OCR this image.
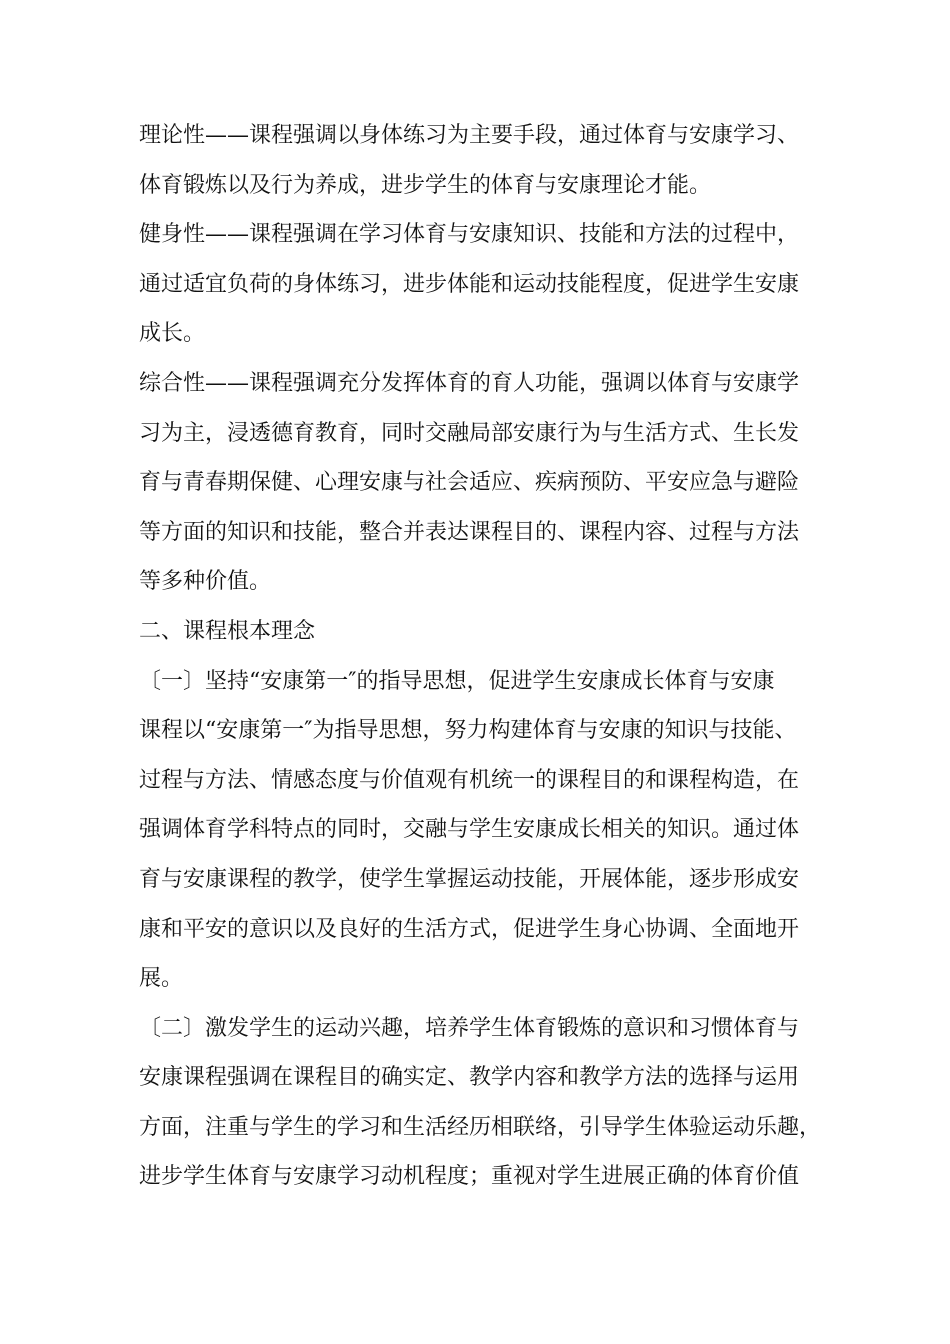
理论性——课程强调以身体练习为主要手段，通过体育与安康学习、
体育锻炼以及行为养成，进步学生的体育与安康理论才能。
健身性——课程强调在学习体育与安康知识、技能和方法的过程中，
通过适宜负荷的身体练习，进步体能和运动技能程度，促进学生安康
成长。
综合性——课程强调充分发挥体育的育人功能，强调以体育与安康学
习为主，浸透德育教育，同时交融局部安康行为与生活方式、生长发
育与青春期保健、心理安康与社会适应、疾病预防、平安应急与避险
等方面的知识和技能，整合并表达课程目的、课程内容、过程与方法
等多种价值。
二、课程根本理念
〔一〕坚持“安康第一″的指导思想，促进学生安康成长体育与安康
课程以“安康第一″为指导思想，努力构建体育与安康的知识与技能、
过程与方法、情感态度与价值观有机统一的课程目的和课程构造，在
强调体育学科特点的同时，交融与学生安康成长相关的知识。通过体
育与安康课程的教学，使学生掌握运动技能，开展体能，逐步形成安
康和平安的意识以及良好的生活方式，促进学生身心协调、全面地开
展。
〔二〕激发学生的运动兴趣，培养学生体育锻炼的意识和习惯体育与
安康课程强调在课程目的确实定、教学内容和教学方法的选择与运用
方面，注重与学生的学习和生活经历相联络，引导学生体验运动乐趣，
进步学生体育与安康学习动机程度；重视对学生进展正确的体育价值
